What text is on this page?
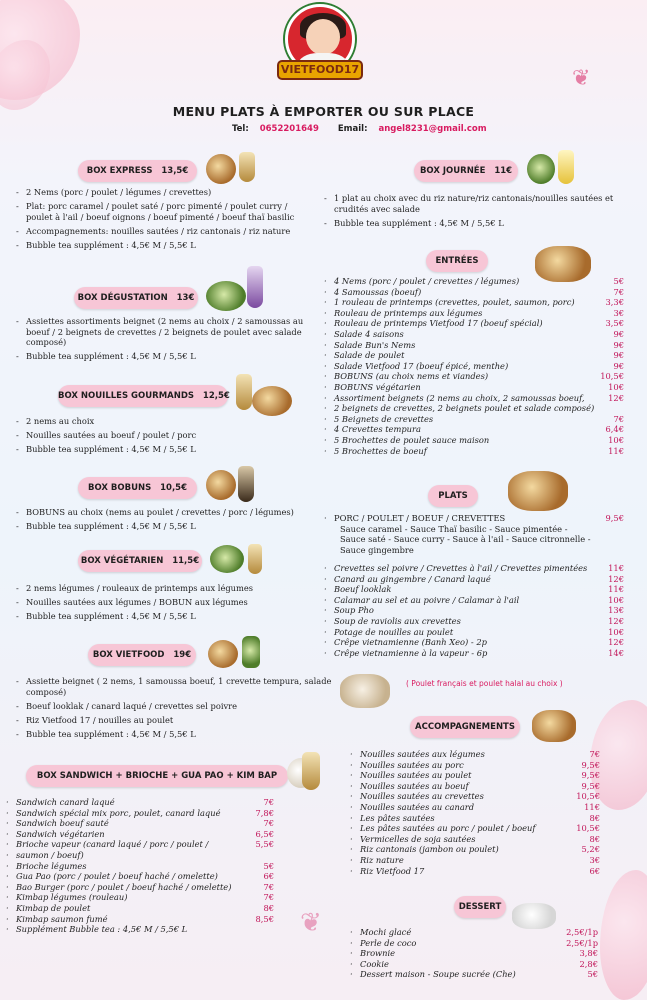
❦
❦
VIETFOOD17
MENU PLATS À EMPORTER OU SUR PLACE
Tel: 0652201649 Email: angel8231@gmail.com
BOX EXPRESS 13,5€
- 2 Nems (porc / poulet / légumes / crevettes)
- Plat: porc caramel / poulet saté / porc pimenté / poulet curry / poulet à l'ail / boeuf oignons / boeuf pimenté / boeuf thaï basilic
- Accompagnements: nouilles sautées / riz cantonais / riz nature
- Bubble tea supplément : 4,5€ M / 5,5€ L
BOX DÉGUSTATION 13€
- Assiettes assortiments beignet (2 nems au choix / 2 samoussas au boeuf / 2 beignets de crevettes / 2 beignets de poulet avec salade composé)
- Bubble tea supplément : 4,5€ M / 5,5€ L
BOX NOUILLES GOURMANDS 12,5€
- 2 nems au choix
- Nouilles sautées au boeuf / poulet / porc
- Bubble tea supplément : 4,5€ M / 5,5€ L
BOX BOBUNS 10,5€
- BOBUNS au choix (nems au poulet / crevettes / porc / légumes)
- Bubble tea supplément : 4,5€ M / 5,5€ L
BOX VÉGÉTARIEN 11,5€
- 2 nems légumes / rouleaux de printemps aux légumes
- Nouilles sautées aux légumes / BOBUN aux légumes
- Bubble tea supplément : 4,5€ M / 5,5€ L
BOX VIETFOOD 19€
- Assiette beignet ( 2 nems, 1 samoussa boeuf, 1 crevette tempura, salade composé)
- Boeuf looklak / canard laqué / crevettes sel poivre
- Riz Vietfood 17 / nouilles au poulet
- Bubble tea supplément : 4,5€ M / 5,5€ L
BOX SANDWICH + BRIOCHE + GUA PAO + KIM BAP
· Sandwich canard laqué
· Sandwich spécial mix porc, poulet, canard laqué
· Sandwich boeuf sauté
· Sandwich végétarien
· Brioche vapeur (canard laqué / porc / poulet /
· saumon / boeuf)
· Brioche légumes
· Gua Pao (porc / poulet / boeuf haché / omelette)
· Bao Burger (porc / poulet / boeuf haché / omelette)
· Kimbap légumes (rouleau)
· Kimbap de poulet
· Kimbap saumon fumé
· Supplément Bubble tea : 4,5€ M / 5,5€ L
7€
7,8€
7€
6,5€
5,5€
5€
6€
7€
7€
8€
8,5€
BOX JOURNÉE 11€
- 1 plat au choix avec du riz nature/riz cantonais/nouilles sautées et crudités avec salade
- Bubble tea supplément : 4,5€ M / 5,5€ L
ENTRÉES
· 4 Nems (porc / poulet / crevettes / légumes)
· 4 Samoussas (boeuf)
· 1 rouleau de printemps (crevettes, poulet, saumon, porc)
· Rouleau de printemps aux légumes
· Rouleau de printemps Vietfood 17 (boeuf spécial)
· Salade 4 saisons
· Salade Bun's Nems
· Salade de poulet
· Salade Vietfood 17 (boeuf épicé, menthe)
· BOBUNS (au choix nems et viandes)
· BOBUNS végétarien
· Assortiment beignets (2 nems au choix, 2 samoussas boeuf,
· 2 beignets de crevettes, 2 beignets poulet et salade composé)
· 5 Beignets de crevettes
· 4 Crevettes tempura
· 5 Brochettes de poulet sauce maison
· 5 Brochettes de boeuf
5€
7€
3,3€
3€
3,5€
9€
9€
9€
9€
10,5€
10€
12€
7€
6,4€
10€
11€
PLATS
· PORC / POULET / BOEUF / CREVETTES
Sauce caramel - Sauce Thaï basilic - Sauce pimentée -
Sauce saté - Sauce curry - Sauce à l'ail - Sauce citronnelle -
Sauce gingembre
9,5€
· Crevettes sel poivre / Crevettes à l'ail / Crevettes pimentées
· Canard au gingembre / Canard laqué
· Boeuf looklak
· Calamar au sel et au poivre / Calamar à l'ail
· Soup Pho
· Soup de raviolis aux crevettes
· Potage de nouilles au poulet
· Crêpe vietnamienne (Banh Xeo) - 2p
· Crêpe vietnamienne à la vapeur - 6p
11€
12€
11€
10€
13€
12€
10€
12€
14€
( Poulet français et poulet halal au choix )
ACCOMPAGNEMENTS
· Nouilles sautées aux légumes
· Nouilles sautées au porc
· Nouilles sautées au poulet
· Nouilles sautées au boeuf
· Nouilles sautées au crevettes
· Nouilles sautées au canard
· Les pâtes sautées
· Les pâtes sautées au porc / poulet / boeuf
· Vermicelles de soja sautées
· Riz cantonais (jambon ou poulet)
· Riz nature
· Riz Vietfood 17
7€
9,5€
9,5€
9,5€
10,5€
11€
8€
10,5€
8€
5,2€
3€
6€
DESSERT
· Mochi glacé
· Perle de coco
· Brownie
· Cookie
· Dessert maison - Soupe sucrée (Che)
2,5€/1p
2,5€/1p
3,8€
2,8€
5€
